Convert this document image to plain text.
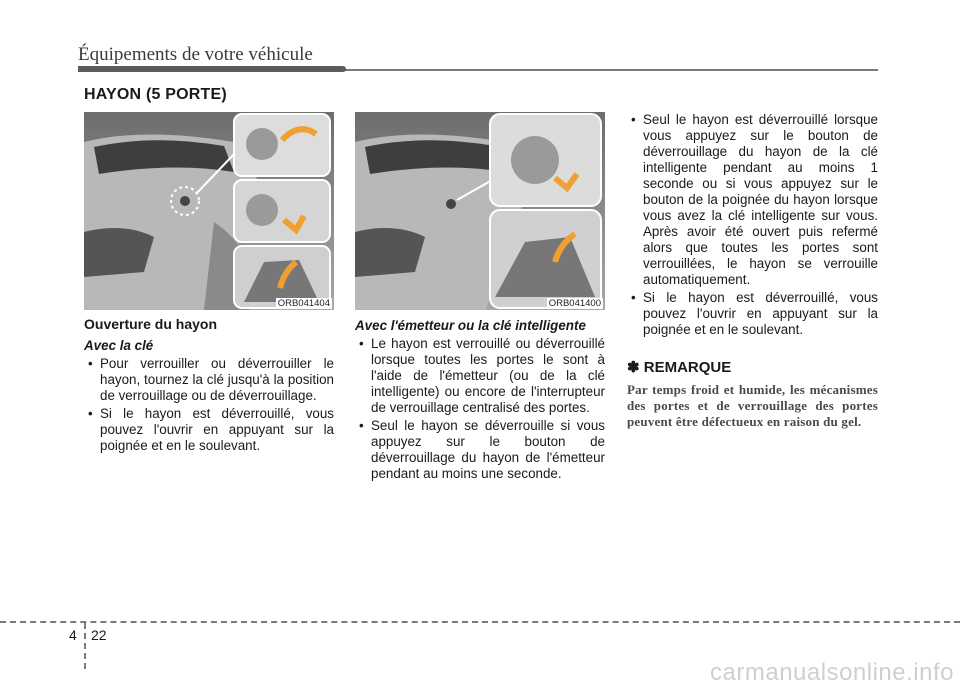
Équipements de votre véhicule
HAYON (5 PORTE)
ORB041404	ORB041400
Ouverture du hayon
Avec la clé
• Pour verrouiller ou déverrouiller le hayon, tournez la clé jusqu'à la position de verrouillage ou de déverrouillage.
• Si le hayon est déverrouillé, vous pouvez l'ouvrir en appuyant sur la poignée et en le soulevant.
Avec l'émetteur ou la clé intelligente
• Le hayon est verrouillé ou déverrouillé lorsque toutes les portes le sont à l'aide de l'émetteur (ou de la clé intelligente) ou encore de l'interrupteur de verrouillage centralisé des portes.
• Seul le hayon se déverrouille si vous appuyez sur le bouton de déverrouillage du hayon de l'émetteur pendant au moins une seconde.
• Seul le hayon est déverrouillé lorsque vous appuyez sur le bouton de déverrouillage du hayon de la clé intelligente pendant au moins 1 seconde ou si vous appuyez sur le bouton de la poignée du hayon lorsque vous avez la clé intelligente sur vous. Après avoir été ouvert puis refermé alors que toutes les portes sont verrouillées, le hayon se verrouille automatiquement.
• Si le hayon est déverrouillé, vous pouvez l'ouvrir en appuyant sur la poignée et en le soulevant.
✽ REMARQUE
Par temps froid et humide, les mécanismes des portes et de verrouillage des portes peuvent être défectueux en raison du gel.
4 22
carmanualsonline.info
